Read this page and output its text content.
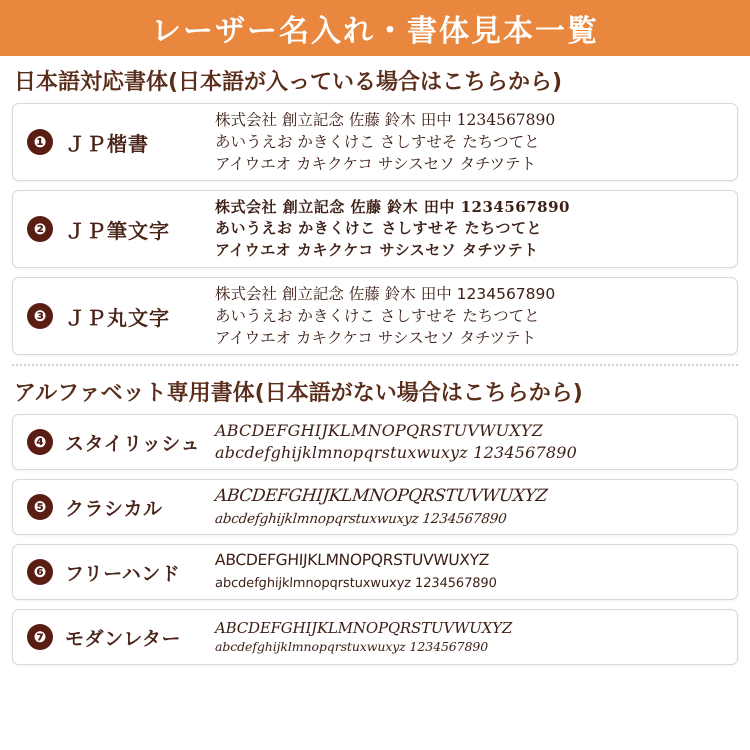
レーザー名入れ・書体見本一覧
日本語対応書体(日本語が入っている場合はこちらから)
❶ ＪＰ楷書
株式会社 創立記念 佐藤 鈴木 田中 1234567890
あいうえお かきくけこ さしすせそ たちつてと
アイウエオ カキクケコ サシスセソ タチツテト
❷ ＪＰ筆文字
株式会社 創立記念 佐藤 鈴木 田中 1234567890
あいうえお かきくけこ さしすせそ たちつてと
アイウエオ カキクケコ サシスセソ タチツテト
❸ ＪＰ丸文字
株式会社 創立記念 佐藤 鈴木 田中 1234567890
あいうえお かきくけこ さしすせそ たちつてと
アイウエオ カキクケコ サシスセソ タチツテト
アルファベット専用書体(日本語がない場合はこちらから)
❹ スタイリッシュ
ABCDEFGHIJKLMNOPQRSTUVWUXYZ
abcdefghijklmnopqrstuxwuxyz 1234567890
❺ クラシカル
ABCDEFGHIJKLMNOPQRSTUVWUXYZ abcdefghijklmnopqrstuxwuxyz 1234567890
❻ フリーハンド
ABCDEFGHIJKLMNOPQRSTUVWUXYZ abcdefghijklmnopqrstuxwuxyz 1234567890
❼ モダンレター	ABCDEFGHIJKLMNOPQRSTUVWUXYZ
abcdefghijklmnopqrstuxwuxyz 1234567890
